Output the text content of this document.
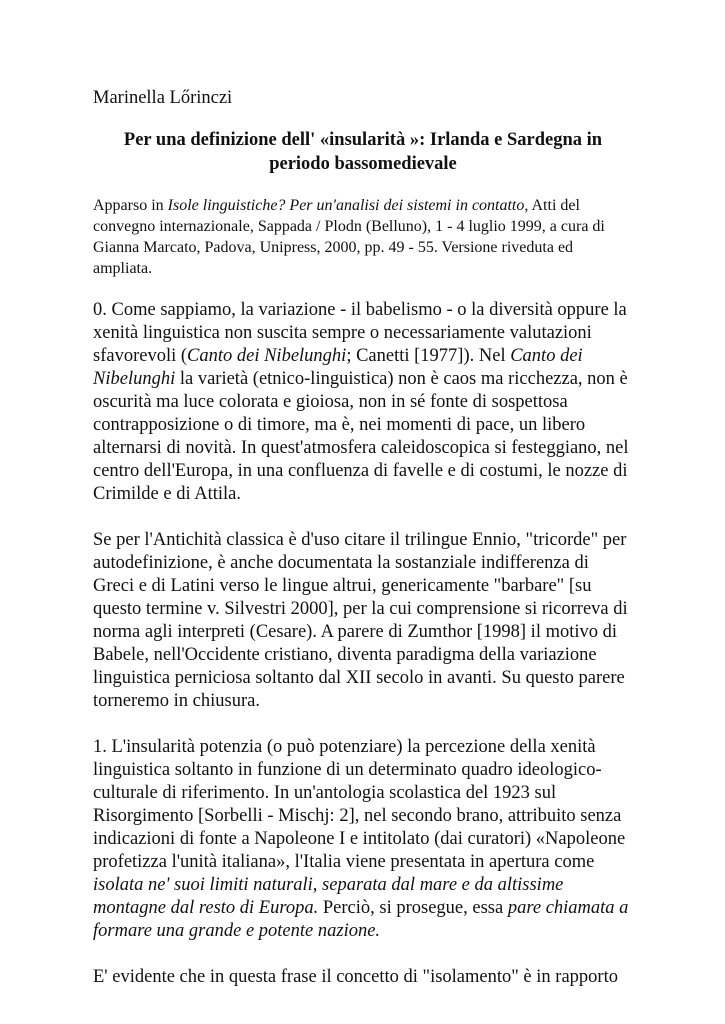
Marinella Lőrinczi
Per una definizione dell' «insularità »: Irlanda e Sardegna in periodo bassomedievale
Apparso in Isole linguistiche? Per un'analisi dei sistemi in contatto, Atti del convegno internazionale, Sappada / Plodn (Belluno), 1 - 4 luglio 1999, a cura di Gianna Marcato, Padova, Unipress, 2000, pp. 49 - 55. Versione riveduta ed ampliata.
0. Come sappiamo, la variazione - il babelismo - o la diversità oppure la xenità linguistica non suscita sempre o necessariamente valutazioni sfavorevoli (Canto dei Nibelunghi; Canetti [1977]). Nel Canto dei Nibelunghi la varietà (etnico-linguistica) non è caos ma ricchezza, non è oscurità ma luce colorata e gioiosa, non in sé fonte di sospettosa contrapposizione o di timore, ma è, nei momenti di pace, un libero alternarsi di novità. In quest'atmosfera caleidoscopica si festeggiano, nel centro dell'Europa, in una confluenza di favelle e di costumi, le nozze di Crimilde e di Attila.
Se per l'Antichità classica è d'uso citare il trilingue Ennio, "tricorde" per autodefinizione, è anche documentata la sostanziale indifferenza di Greci e di Latini verso le lingue altrui, genericamente "barbare" [su questo termine v. Silvestri 2000], per la cui comprensione si ricorreva di norma agli interpreti (Cesare). A parere di Zumthor [1998] il motivo di Babele, nell'Occidente cristiano, diventa paradigma della variazione linguistica perniciosa soltanto dal XII secolo in avanti. Su questo parere torneremo in chiusura.
1. L'insularità potenzia (o può potenziare) la percezione della xenità linguistica soltanto in funzione di un determinato quadro ideologico-culturale di riferimento. In un'antologia scolastica del 1923 sul Risorgimento [Sorbelli - Mischj: 2], nel secondo brano, attribuito senza indicazioni di fonte a Napoleone I e intitolato (dai curatori) «Napoleone profetizza l'unità italiana», l'Italia viene presentata in apertura come isolata ne' suoi limiti naturali, separata dal mare e da altissime montagne dal resto di Europa. Perciò, si prosegue, essa pare chiamata a formare una grande e potente nazione.
E' evidente che in questa frase il concetto di "isolamento" è in rapporto
